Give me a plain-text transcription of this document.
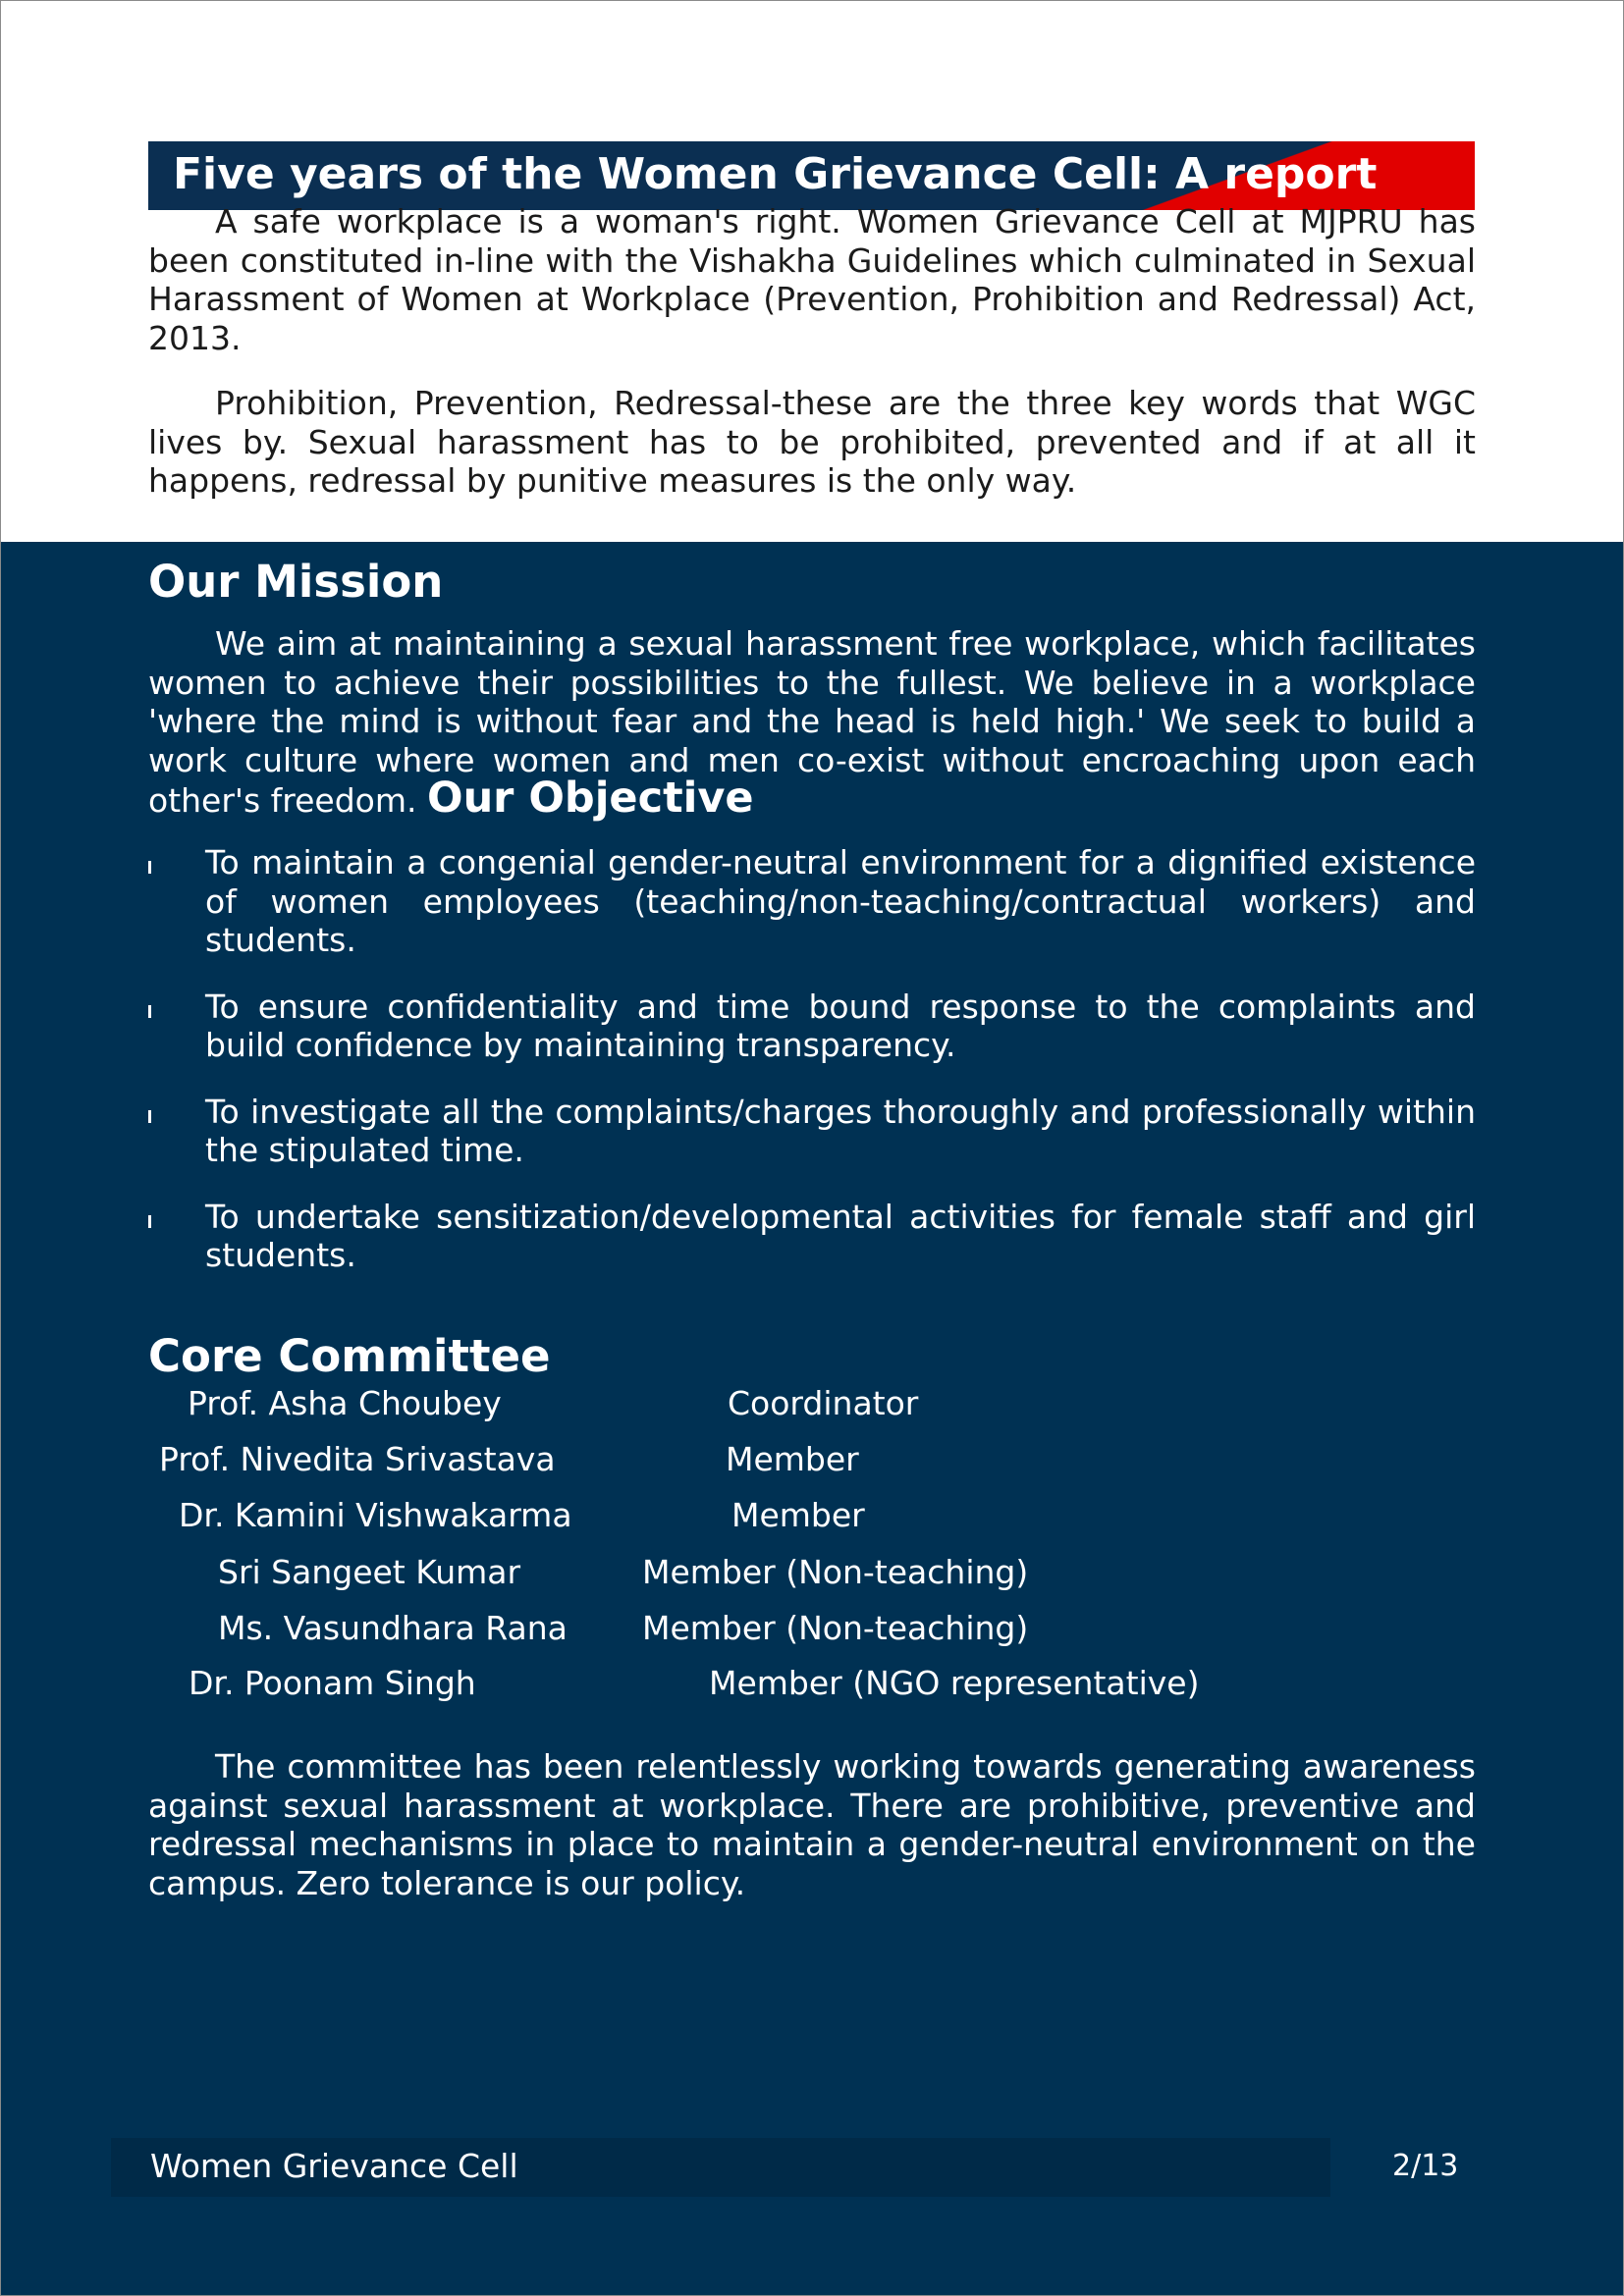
Five years of the Women Grievance Cell: A report

A safe workplace is a woman's right. Women Grievance Cell at MJPRU has been constituted in-line with the Vishakha Guidelines which culminated in Sexual Harassment of Women at Workplace (Prevention, Prohibition and Redressal) Act, 2013.

Prohibition, Prevention, Redressal-these are the three key words that WGC lives by. Sexual harassment has to be prohibited, prevented and if at all it happens, redressal by punitive measures is the only way.

Our Mission

We aim at maintaining a sexual harassment free workplace, which facilitates women to achieve their possibilities to the fullest. We believe in a workplace 'where the mind is without fear and the head is held high.' We seek to build a work culture where women and men co-exist without encroaching upon each other's freedom. Our Objective

To maintain a congenial gender-neutral environment for a dignified existence of women employees (teaching/non-teaching/contractual workers) and students.
To ensure confidentiality and time bound response to the complaints and build confidence by maintaining transparency.
To investigate all the complaints/charges thoroughly and professionally within the stipulated time.
To undertake sensitization/developmental activities for female staff and girl students.
Core Committee
Prof. Asha Choubey	Coordinator
Prof. Nivedita Srivastava	Member
Dr. Kamini Vishwakarma	Member
Sri Sangeet Kumar	Member (Non-teaching)
Ms. Vasundhara Rana Member (Non-teaching)
Dr. Poonam Singh	Member (NGO representative)

The committee has been relentlessly working towards generating awareness against sexual harassment at workplace. There are prohibitive, preventive and redressal mechanisms in place to maintain a gender-neutral environment on the campus. Zero tolerance is our policy.

Women Grievance Cell	2/13
